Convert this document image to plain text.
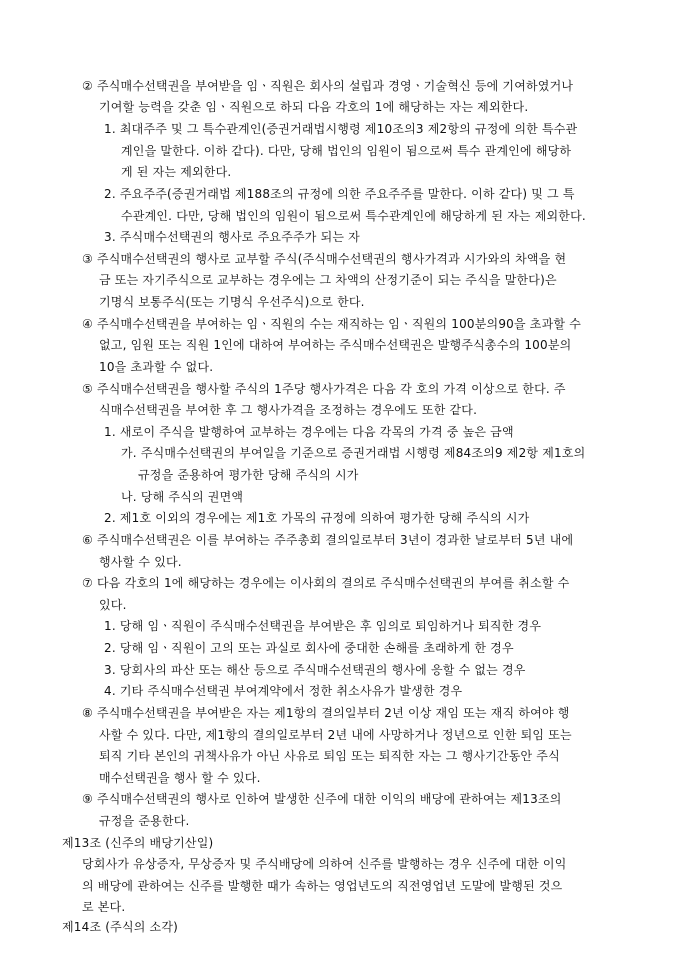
② 주식매수선택권을 부여받을 임ㆍ직원은 회사의 설립과 경영ㆍ기술혁신 등에 기여하였거나
기여할 능력을 갖춘 임ㆍ직원으로 하되 다음 각호의 1에 해당하는 자는 제외한다.
1. 최대주주 및 그 특수관계인(증권거래법시행령 제10조의3 제2항의 규정에 의한 특수관
계인을 말한다. 이하 같다). 다만, 당해 법인의 임원이 됨으로써 특수 관계인에 해당하
게 된 자는 제외한다.
2. 주요주주(증권거래법 제188조의 규정에 의한 주요주주를 말한다. 이하 같다) 및 그 특
수관계인. 다만, 당해 법인의 임원이 됨으로써 특수관계인에 해당하게 된 자는 제외한다.
3. 주식매수선택권의 행사로 주요주주가 되는 자
③ 주식매수선택권의 행사로 교부할 주식(주식매수선택권의 행사가격과 시가와의 차액을 현
금 또는 자기주식으로 교부하는 경우에는 그 차액의 산정기준이 되는 주식을 말한다)은
기명식 보통주식(또는 기명식 우선주식)으로 한다.
④ 주식매수선택권을 부여하는 임ㆍ직원의 수는 재직하는 임ㆍ직원의 100분의90을 초과할 수
없고, 임원 또는 직원 1인에 대하여 부여하는 주식매수선택권은 발행주식총수의 100분의
10을 초과할 수 없다.
⑤ 주식매수선택권을 행사할 주식의 1주당 행사가격은 다음 각 호의 가격 이상으로 한다. 주
식매수선택권을 부여한 후 그 행사가격을 조정하는 경우에도 또한 같다.
1. 새로이 주식을 발행하여 교부하는 경우에는 다음 각목의 가격 중 높은 금액
가. 주식매수선택권의 부여일을 기준으로 증권거래법 시행령 제84조의9 제2항 제1호의
규정을 준용하여 평가한 당해 주식의 시가
나. 당해 주식의 권면액
2. 제1호 이외의 경우에는 제1호 가목의 규정에 의하여 평가한 당해 주식의 시가
⑥ 주식매수선택권은 이를 부여하는 주주총회 결의일로부터 3년이 경과한 날로부터 5년 내에
행사할 수 있다.
⑦ 다음 각호의 1에 해당하는 경우에는 이사회의 결의로 주식매수선택권의 부여를 취소할 수
있다.
1. 당해 임ㆍ직원이 주식매수선택권을 부여받은 후 임의로 퇴임하거나 퇴직한 경우
2. 당해 임ㆍ직원이 고의 또는 과실로 회사에 중대한 손해를 초래하게 한 경우
3. 당회사의 파산 또는 해산 등으로 주식매수선택권의 행사에 응할 수 없는 경우
4. 기타 주식매수선택권 부여계약에서 정한 취소사유가 발생한 경우
⑧ 주식매수선택권을 부여받은 자는 제1항의 결의일부터 2년 이상 재임 또는 재직 하여야 행
사할 수 있다. 다만, 제1항의 결의일로부터 2년 내에 사망하거나 정년으로 인한 퇴임 또는
퇴직 기타 본인의 귀책사유가 아닌 사유로 퇴임 또는 퇴직한 자는 그 행사기간동안 주식
매수선택권을 행사 할 수 있다.
⑨ 주식매수선택권의 행사로 인하여 발생한 신주에 대한 이익의 배당에 관하여는 제13조의
규정을 준용한다.
제13조 (신주의 배당기산일)
당회사가 유상증자, 무상증자 및 주식배당에 의하여 신주를 발행하는 경우 신주에 대한 이익
의 배당에 관하여는 신주를 발행한 때가 속하는 영업년도의 직전영업년 도말에 발행된 것으
로 본다.
제14조 (주식의 소각)
